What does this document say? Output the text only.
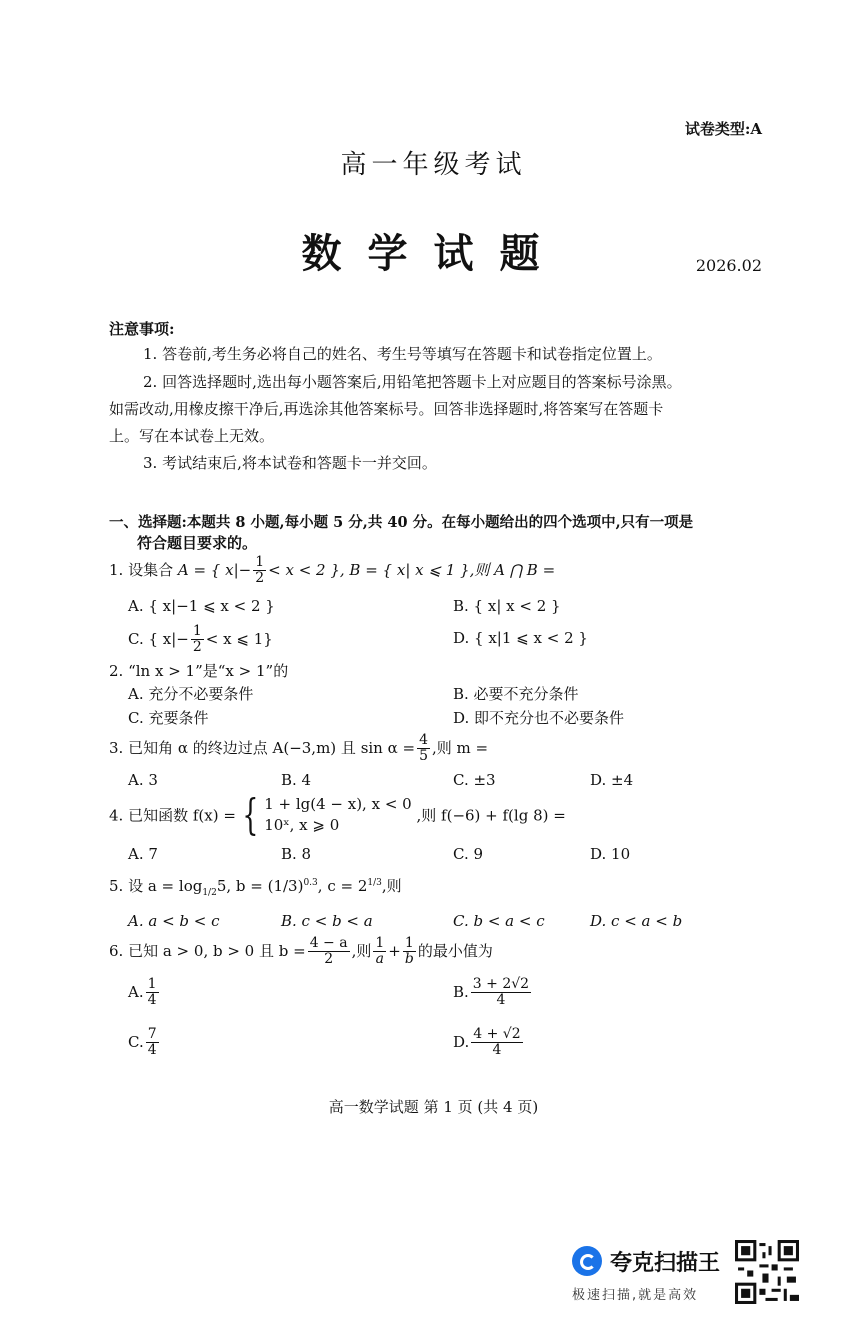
试卷类型:A
高一年级考试
数学试题	2026.02
注意事项:
1. 答卷前,考生务必将自己的姓名、考生号等填写在答题卡和试卷指定位置上。
2. 回答选择题时,选出每小题答案后,用铅笔把答题卡上对应题目的答案标号涂黑。
如需改动,用橡皮擦干净后,再选涂其他答案标号。回答非选择题时,将答案写在答题卡
上。写在本试卷上无效。
3. 考试结束后,将本试卷和答题卡一并交回。
一、选择题:本题共 8 小题,每小题 5 分,共 40 分。在每小题给出的四个选项中,只有一项是
符合题目要求的。
1. 设集合 A = { $x|- \frac{1}{2} < x < 2$ }, B = { x| x ⩽ 1 },则 A ⋂ B =
A. { x|−1 ⩽ x < 2 }	B. { x| x < 2 }
C. { $x|- \frac{1}{2} < x$ ⩽ 1}	D. { x|1 ⩽ x < 2 }
2. “ln x > 1”是“x > 1”的
A. 充分不必要条件	B. 必要不充分条件
C. 充要条件	D. 即不充分也不必要条件
3. 已知角 α 的终边过点 A(−3,m) 且 $\sin \alpha = \frac{4}{5}$ ,则 m =
A. 3	B. 4	C. ±3	D. ±4
4. 已知函数 f(x) = { 1 + lg(4 − x), x < 0
10ˣ, x ⩾ 0
,则 f(−6) + f(lg 8) =
A. 7	B. 8	C. 9	D. 10
5. 设 $a = \log_{1/2}5$, $b = (1/3)^{0.3}$, $c = 2^{1/3}$,则
A. a < b < c	B. c < b < a	C. b < a < c	D. c < a < b
6. 已知 a > 0, b > 0 且 $b = \frac{4 - a}{2}$ ,则 $\frac{1}{a} + \frac{1}{b}$ 的最小值为
A. $\frac{1}{4}$	B. $\frac{3 + 2√2}{4}$
C. $\frac{7}{4}$	D. $\frac{4 + √2}{4}$
高一数学试题 第 1 页 (共 4 页)
夸克扫描王
极速扫描,就是高效
